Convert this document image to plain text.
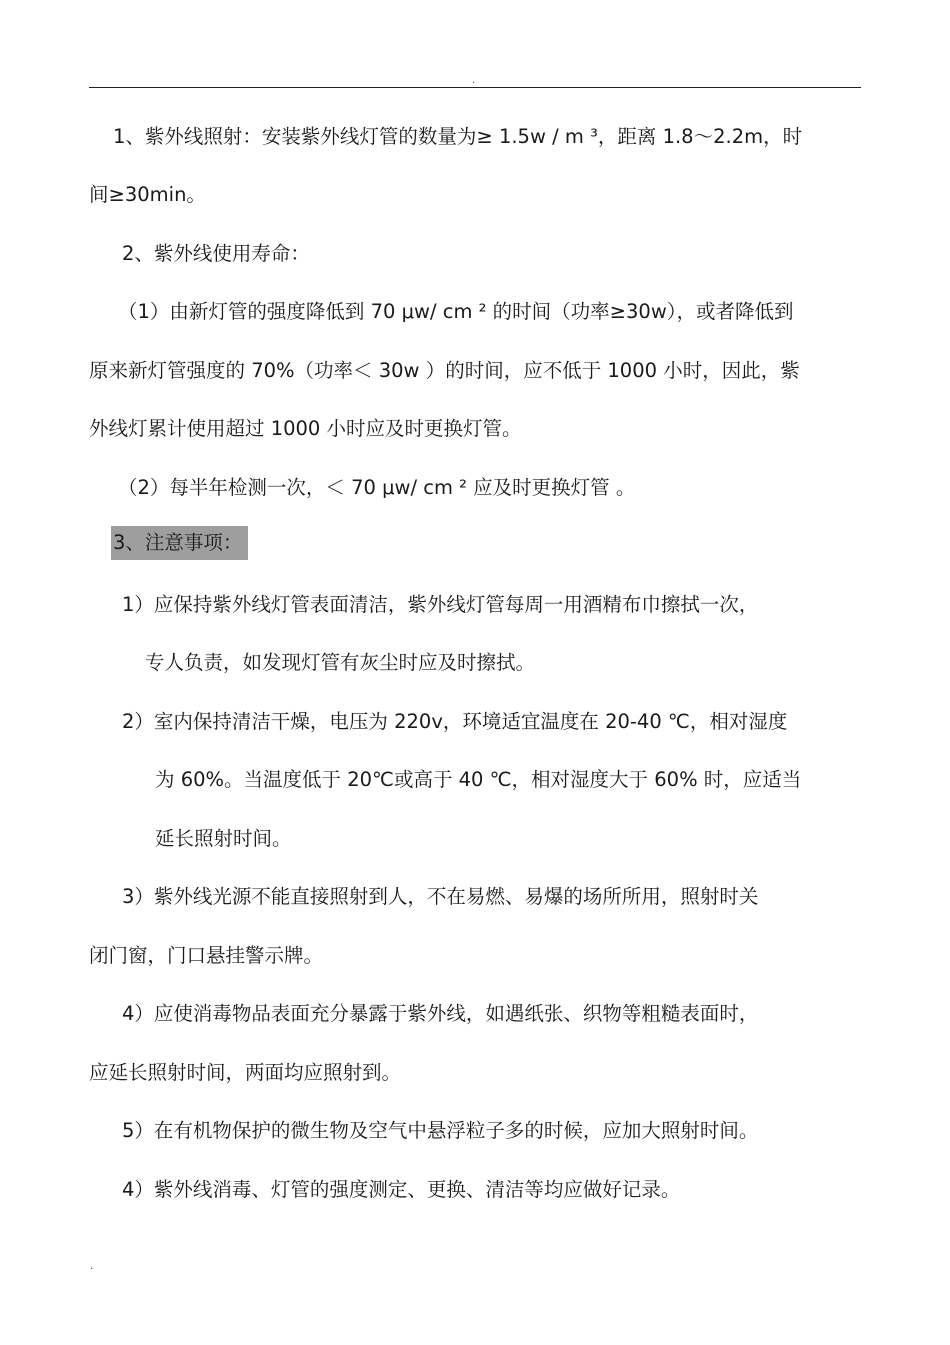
.
1、紫外线照射：安装紫外线灯管的数量为≥ 1.5w / m ³，距离 1.8～2.2m，时
间≥30min。
2、紫外线使用寿命：
（1）由新灯管的强度降低到 70 μw/ cm ² 的时间（功率≥30w），或者降低到
原来新灯管强度的 70%（功率＜ 30w ）的时间，应不低于 1000 小时，因此，紫
外线灯累计使用超过 1000 小时应及时更换灯管。
（2）每半年检测一次，＜ 70 μw/ cm ² 应及时更换灯管 。
3、注意事项：
1）应保持紫外线灯管表面清洁，紫外线灯管每周一用酒精布巾擦拭一次，
专人负责，如发现灯管有灰尘时应及时擦拭。
2）室内保持清洁干燥，电压为 220v，环境适宜温度在 20-40 ℃，相对湿度
为 60%。当温度低于 20℃或高于 40 ℃，相对湿度大于 60% 时，应适当
延长照射时间。
3）紫外线光源不能直接照射到人，不在易燃、易爆的场所所用，照射时关
闭门窗，门口悬挂警示牌。
4）应使消毒物品表面充分暴露于紫外线，如遇纸张、织物等粗糙表面时，
应延长照射时间，两面均应照射到。
5）在有机物保护的微生物及空气中悬浮粒子多的时候，应加大照射时间。
4）紫外线消毒、灯管的强度测定、更换、清洁等均应做好记录。
.
